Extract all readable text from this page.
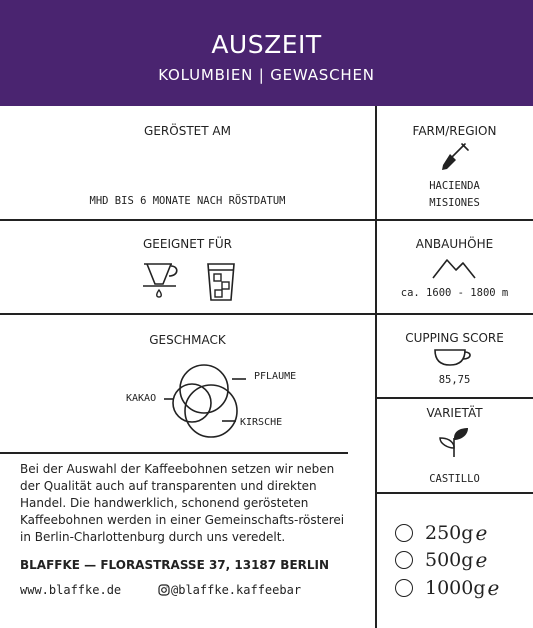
AUSZEIT
KOLUMBIEN | GEWASCHEN
GERÖSTET AM
MHD BIS 6 MONATE NACH RÖSTDATUM
FARM/REGION
HACIENDA
MISIONES
GEEIGNET FÜR	ANBAUHÖHE
ca. 1600 - 1800 m
GESCHMACK
PFLAUME
KAKAO
KIRSCHE
CUPPING SCORE
85,75
VARIETÄT
CASTILLO

Bei der Auswahl der Kaffeebohnen setzen wir neben der Qualität auch auf transparenten und direkten Handel. Die handwerklich, schonend gerösteten Kaffeebohnen werden in einer Gemeinschafts-rösterei in Berlin-Charlottenburg durch uns veredelt.

BLAFFKE — FLORASTRASSE 37, 13187 BERLIN
www.blaffke.de	@blaffke.kaffeebar
250g ℯ
500g ℯ
1000g ℯ
